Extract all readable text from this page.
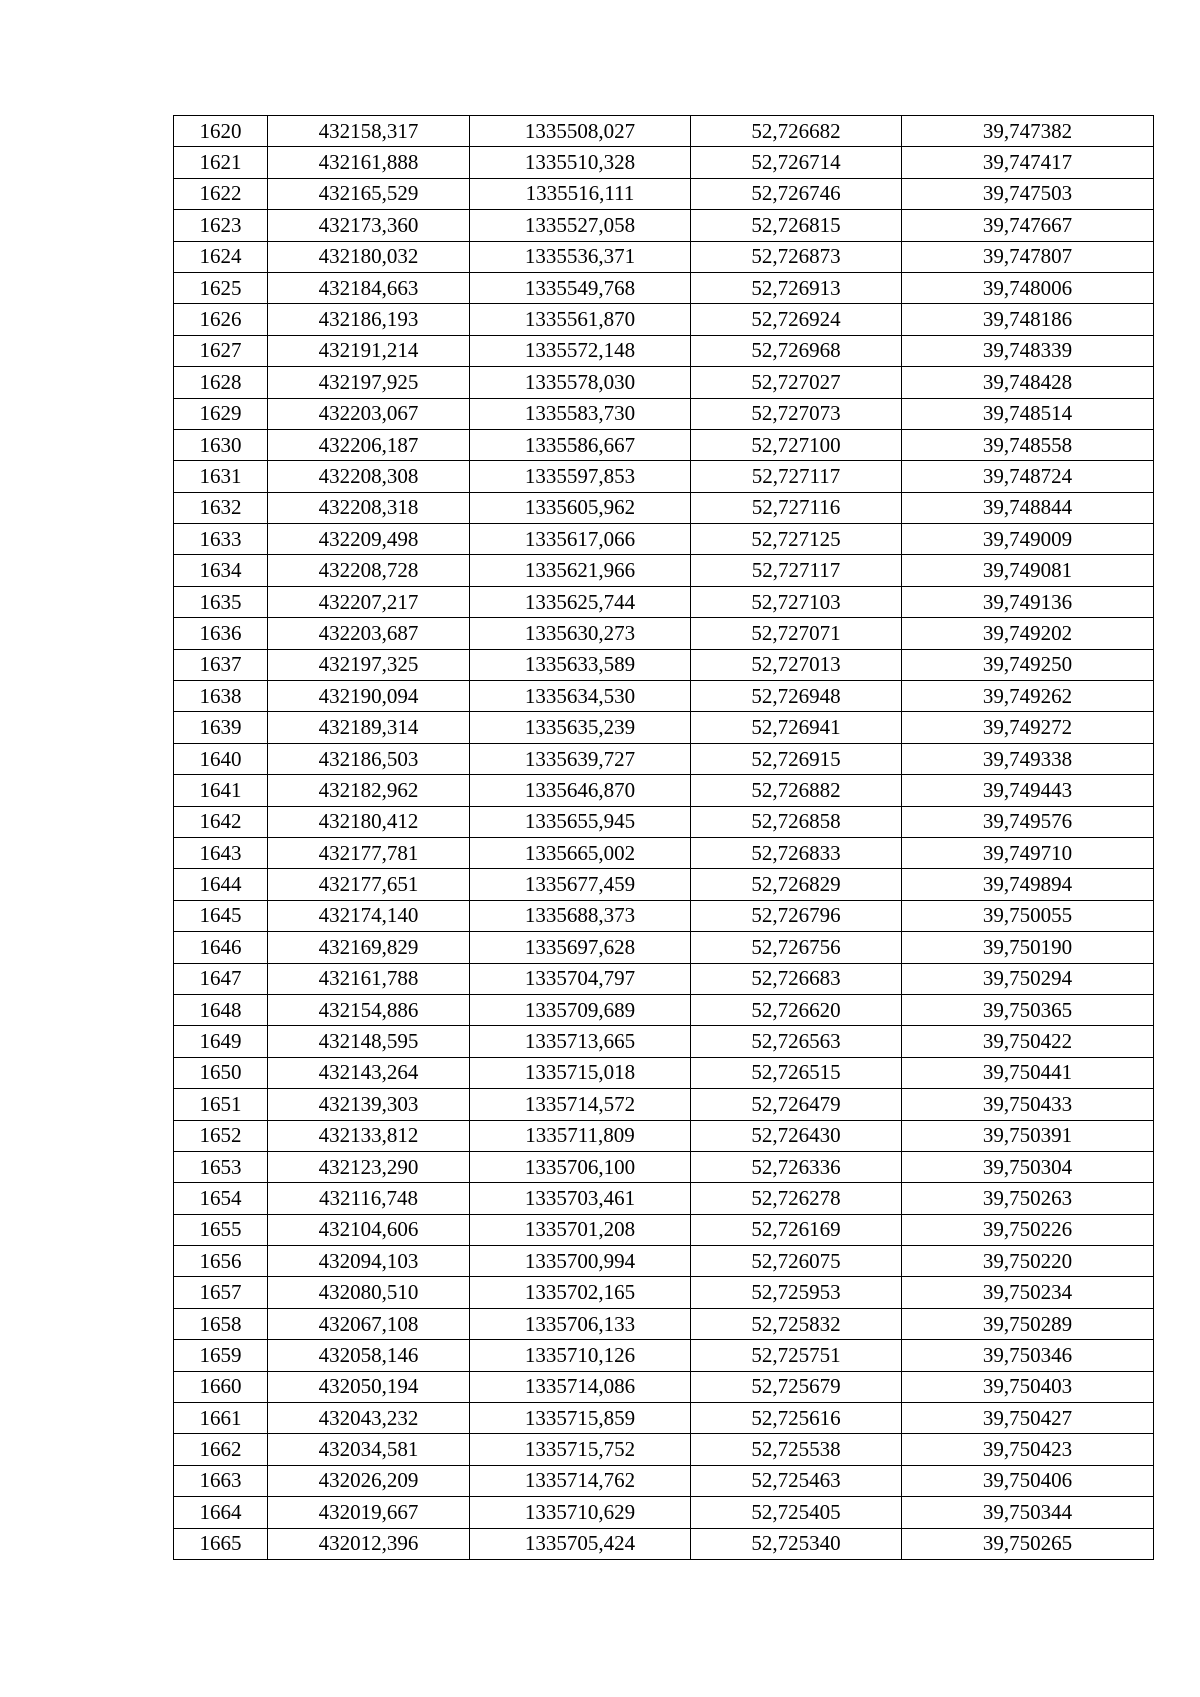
1620	432158,317	1335508,027	52,726682	39,747382
1621	432161,888	1335510,328	52,726714	39,747417
1622	432165,529	1335516,111	52,726746	39,747503
1623	432173,360	1335527,058	52,726815	39,747667
1624	432180,032	1335536,371	52,726873	39,747807
1625	432184,663	1335549,768	52,726913	39,748006
1626	432186,193	1335561,870	52,726924	39,748186
1627	432191,214	1335572,148	52,726968	39,748339
1628	432197,925	1335578,030	52,727027	39,748428
1629	432203,067	1335583,730	52,727073	39,748514
1630	432206,187	1335586,667	52,727100	39,748558
1631	432208,308	1335597,853	52,727117	39,748724
1632	432208,318	1335605,962	52,727116	39,748844
1633	432209,498	1335617,066	52,727125	39,749009
1634	432208,728	1335621,966	52,727117	39,749081
1635	432207,217	1335625,744	52,727103	39,749136
1636	432203,687	1335630,273	52,727071	39,749202
1637	432197,325	1335633,589	52,727013	39,749250
1638	432190,094	1335634,530	52,726948	39,749262
1639	432189,314	1335635,239	52,726941	39,749272
1640	432186,503	1335639,727	52,726915	39,749338
1641	432182,962	1335646,870	52,726882	39,749443
1642	432180,412	1335655,945	52,726858	39,749576
1643	432177,781	1335665,002	52,726833	39,749710
1644	432177,651	1335677,459	52,726829	39,749894
1645	432174,140	1335688,373	52,726796	39,750055
1646	432169,829	1335697,628	52,726756	39,750190
1647	432161,788	1335704,797	52,726683	39,750294
1648	432154,886	1335709,689	52,726620	39,750365
1649	432148,595	1335713,665	52,726563	39,750422
1650	432143,264	1335715,018	52,726515	39,750441
1651	432139,303	1335714,572	52,726479	39,750433
1652	432133,812	1335711,809	52,726430	39,750391
1653	432123,290	1335706,100	52,726336	39,750304
1654	432116,748	1335703,461	52,726278	39,750263
1655	432104,606	1335701,208	52,726169	39,750226
1656	432094,103	1335700,994	52,726075	39,750220
1657	432080,510	1335702,165	52,725953	39,750234
1658	432067,108	1335706,133	52,725832	39,750289
1659	432058,146	1335710,126	52,725751	39,750346
1660	432050,194	1335714,086	52,725679	39,750403
1661	432043,232	1335715,859	52,725616	39,750427
1662	432034,581	1335715,752	52,725538	39,750423
1663	432026,209	1335714,762	52,725463	39,750406
1664	432019,667	1335710,629	52,725405	39,750344
1665	432012,396	1335705,424	52,725340	39,750265
